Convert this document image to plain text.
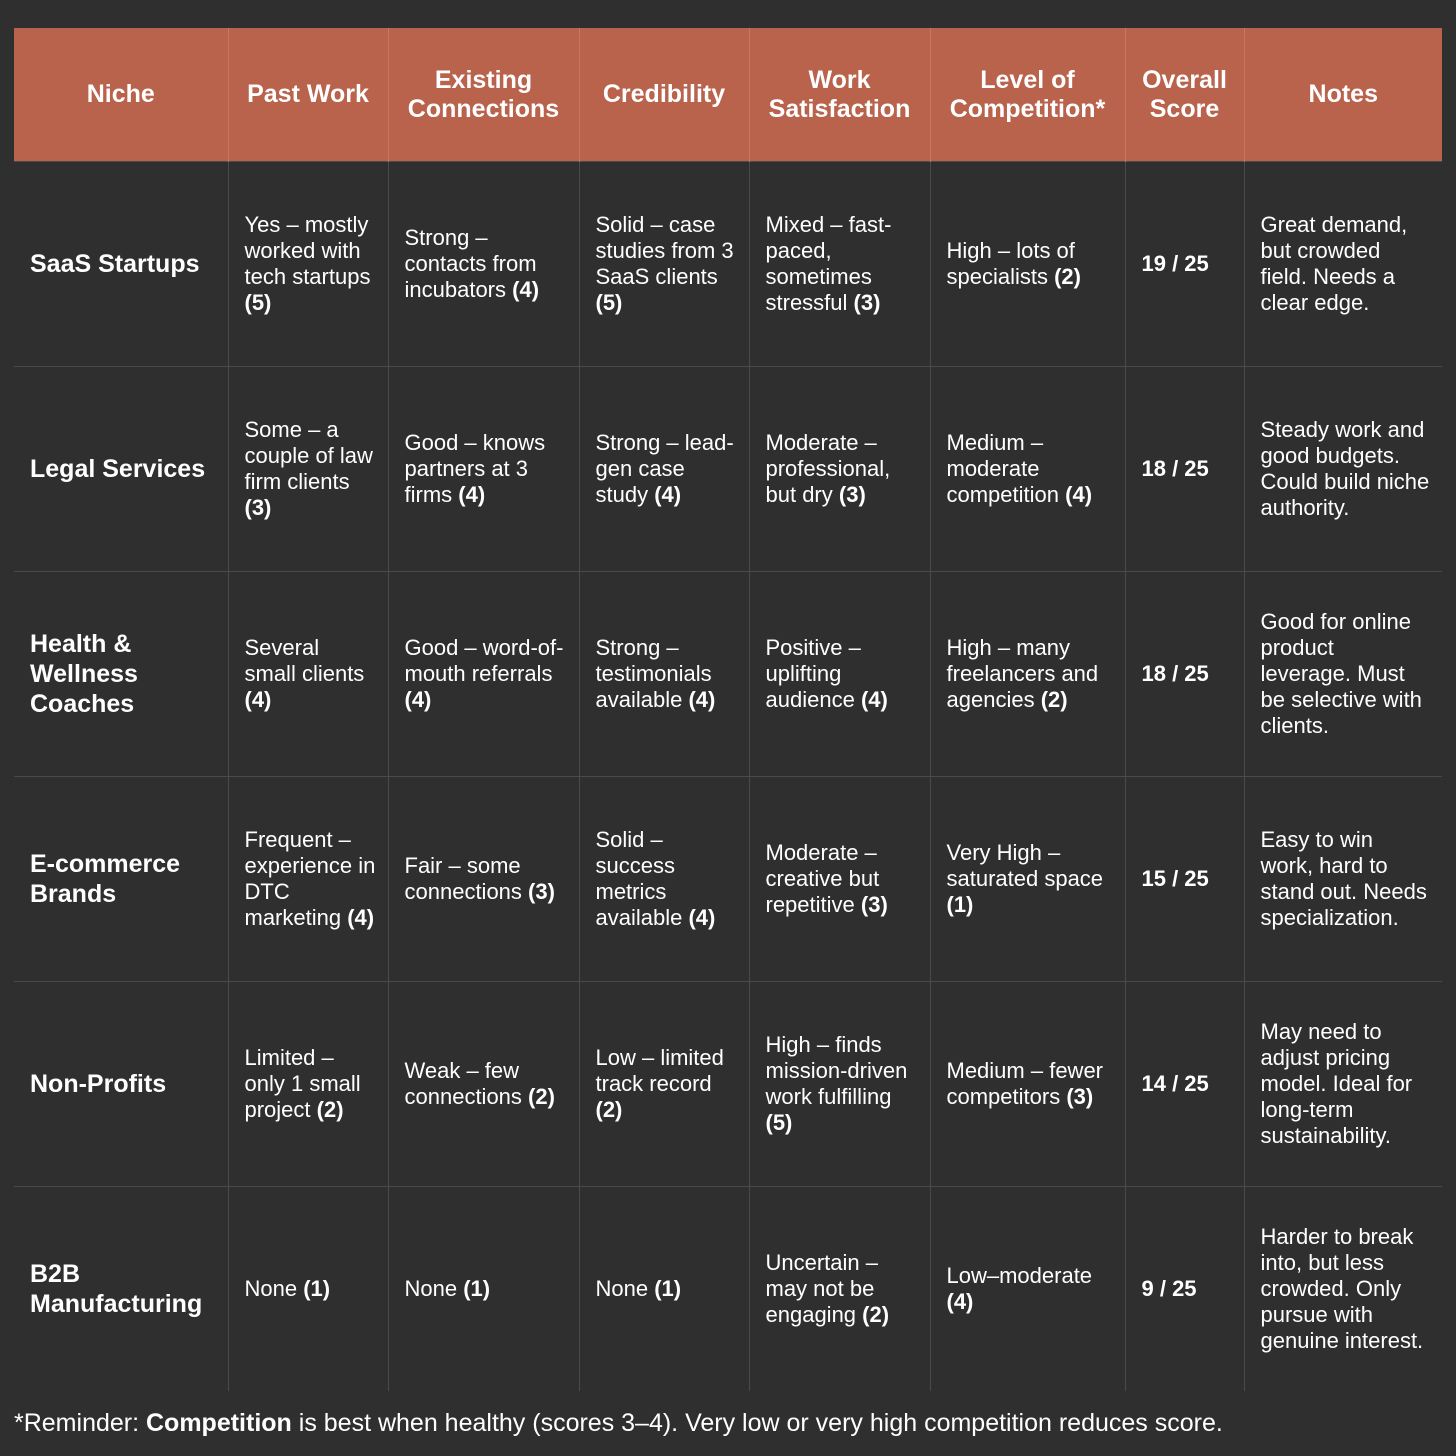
Niche	Past Work	Existing Connections	Credibility	Work Satisfaction	Level of Competition*	Overall Score	Notes
SaaS Startups	Yes – mostly worked with tech startups (5)	Strong – contacts from incubators (4)	Solid – case studies from 3 SaaS clients (5)	Mixed – fast-paced, sometimes stressful (3)	High – lots of specialists (2)	19 / 25	Great demand, but crowded field. Needs a clear edge.
Legal Services	Some – a couple of law firm clients (3)	Good – knows partners at 3 firms (4)	Strong – lead-gen case study (4)	Moderate – professional, but dry (3)	Medium – moderate competition (4)	18 / 25	Steady work and good budgets. Could build niche authority.
Health & Wellness Coaches	Several small clients (4)	Good – word-of-mouth referrals (4)	Strong – testimonials available (4)	Positive – uplifting audience (4)	High – many freelancers and agencies (2)	18 / 25	Good for online product leverage. Must be selective with clients.
E-commerce Brands	Frequent – experience in DTC marketing (4)	Fair – some connections (3)	Solid – success metrics available (4)	Moderate – creative but repetitive (3)	Very High – saturated space (1)	15 / 25	Easy to win work, hard to stand out. Needs specialization.
Non-Profits	Limited – only 1 small project (2)	Weak – few connections (2)	Low – limited track record (2)	High – finds mission-driven work fulfilling (5)	Medium – fewer competitors (3)	14 / 25	May need to adjust pricing model. Ideal for long-term sustainability.
B2B Manufacturing	None (1)	None (1)	None (1)	Uncertain – may not be engaging (2)	Low–moderate (4)	9 / 25	Harder to break into, but less crowded. Only pursue with genuine interest.
*Reminder: Competition is best when healthy (scores 3–4). Very low or very high competition reduces score.
